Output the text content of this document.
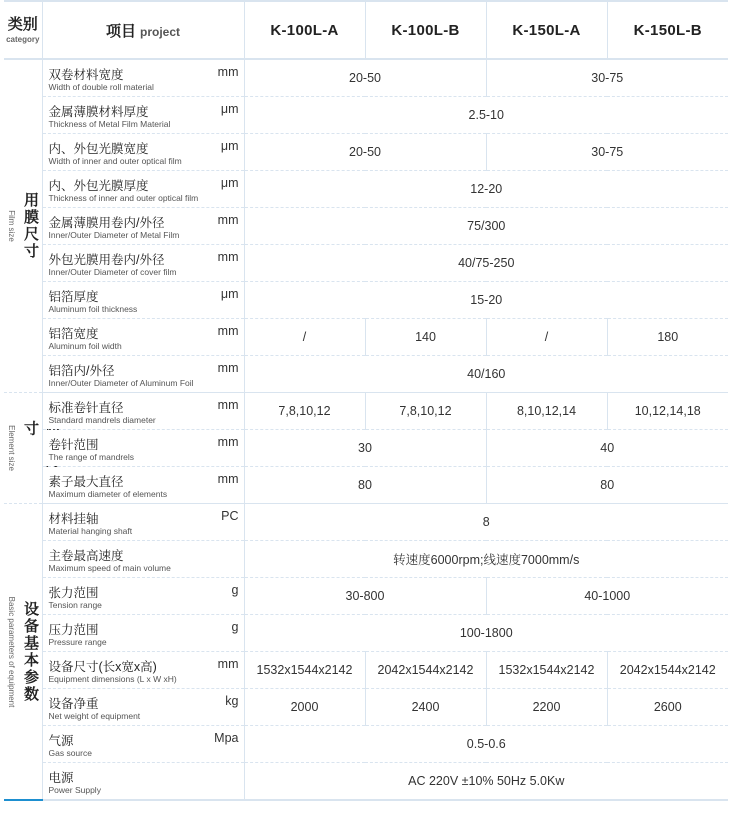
类别
category	项目 project	K-100L-A	K-100L-B	K-150L-A	K-150L-B

Film size 用膜尺寸	双卷材料宽度
Width of double roll material
mm	20-50		30-75	

	金属薄膜材料厚度
Thickness of Metal Film Material
μm	2.5-10			

	内、外包光膜宽度
Width of inner and outer optical film
μm	20-50		30-75	

	内、外包光膜厚度
Thickness of inner and outer optical film
μm	12-20			

	金属薄膜用卷内/外径
Inner/Outer Diameter of Metal Film
mm	75/300			

	外包光膜用卷内/外径
Inner/Outer Diameter of cover film
mm	40/75-250			

	铝箔厚度
Aluminum foil thickness
μm	15-20			

	铝箔宽度
Aluminum foil width
mm	/	140	/	180

	铝箔内/外径
Inner/Outer Diameter of Aluminum Foil
mm	40/160			

Element size 寸	标准卷针直径
Standard mandrels diameter
mm	7,8,10,12	7,8,10,12	8,10,12,14	10,12,14,18

	卷针范围
The range of mandrels
mm	30		40	

	素子最大直径
Maximum diameter of elements
mm	80		80	

Basic parameters of equipment 设备基本参数	材料挂轴
Material hanging shaft
PC	8			

	主卷最高速度
Maximum speed of main volume	转速度6000rpm;线速度7000mm/s			

	张力范围
Tension range
g	30-800		40-1000	

	压力范围
Pressure range
g	100-1800			

	设备尺寸(长x宽x高)
Equipment dimensions (L x W xH)
mm	1532x1544x2142	2042x1544x2142	1532x1544x2142	2042x1544x2142

	设备净重
Net weight of equipment
kg	2000	2400	2200	2600

	气源
Gas source
Mpa	0.5-0.6			

	电源
Power Supply	AC 220V ±10% 50Hz 5.0Kw			
